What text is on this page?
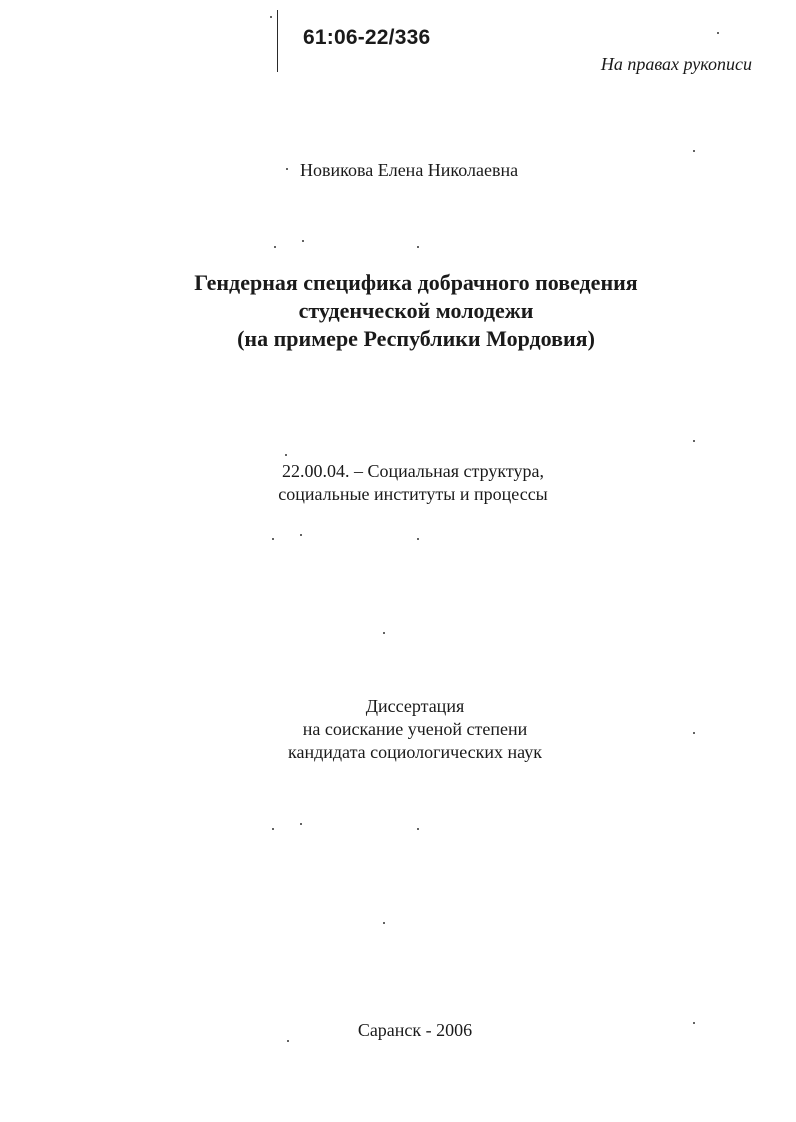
61:06-22/336
На правах рукописи
Новикова Елена Николаевна
Гендерная специфика добрачного поведения
студенческой молодежи
(на примере Республики Мордовия)
22.00.04. – Социальная структура,
социальные институты и процессы
Диссертация
на соискание ученой степени
кандидата социологических наук
Саранск - 2006
